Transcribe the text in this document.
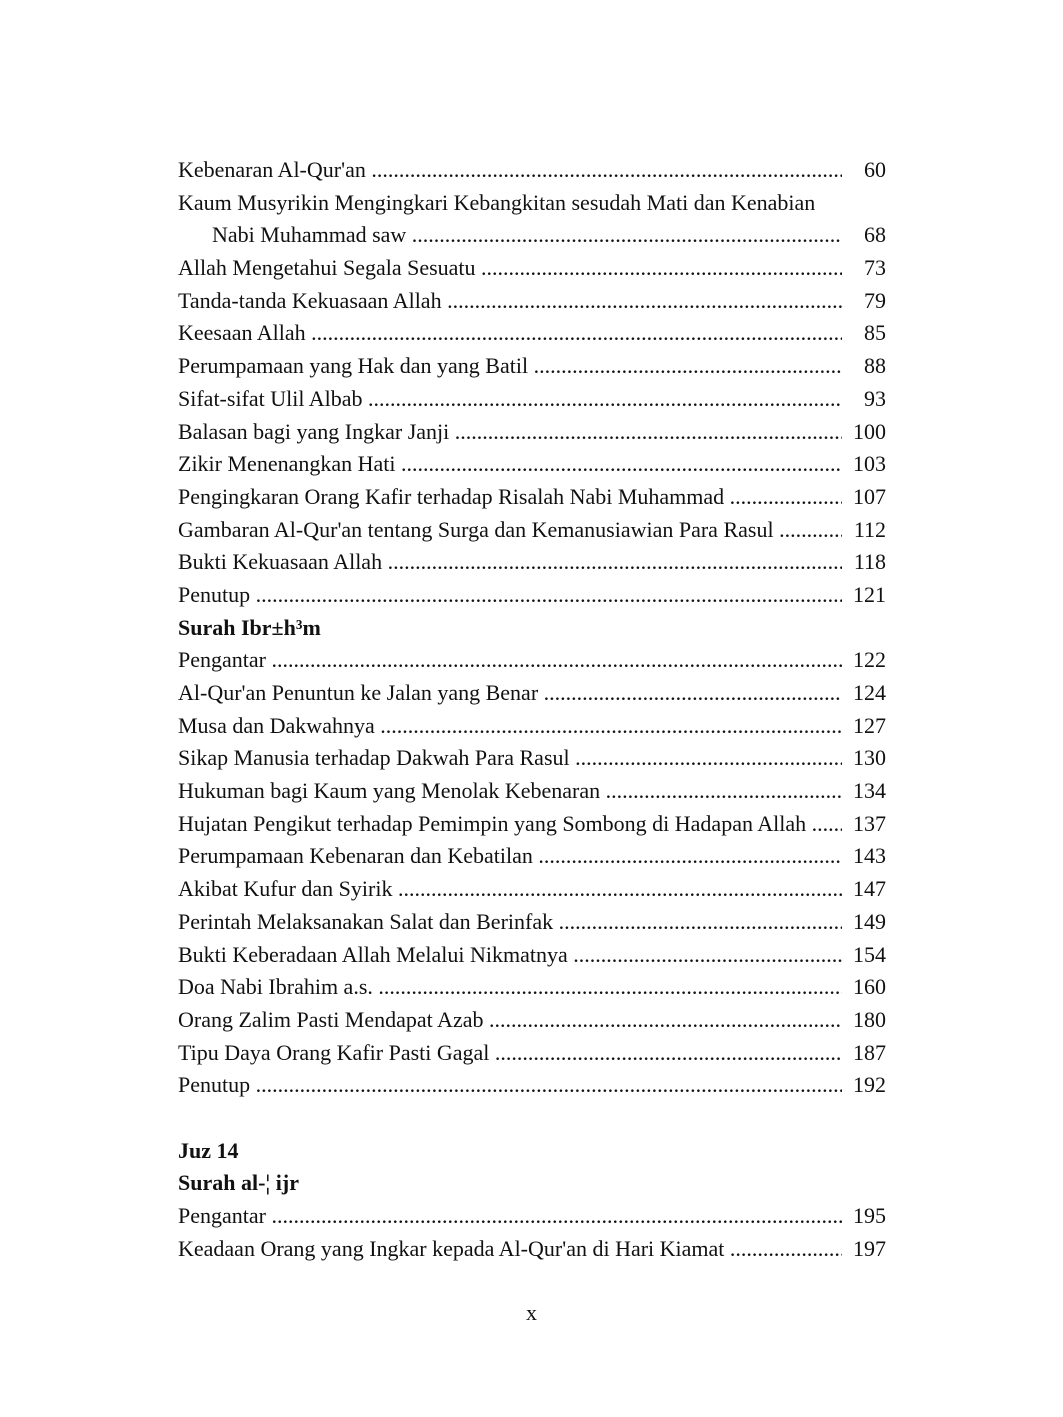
Kebenaran Al-Qur'an .....	60
Kaum Musyrikin Mengingkari Kebangkitan sesudah Mati dan Kenabian
Nabi Muhammad saw .....	68
Allah Mengetahui Segala Sesuatu .....	73
Tanda-tanda Kekuasaan Allah .....	79
Keesaan Allah .....	85
Perumpamaan yang Hak dan yang Batil .....	88
Sifat-sifat Ulil Albab .....	93
Balasan bagi yang Ingkar Janji .....	100
Zikir Menenangkan Hati .....	103
Pengingkaran Orang Kafir terhadap Risalah Nabi Muhammad .....	107
Gambaran Al-Qur'an tentang Surga dan Kemanusiawian Para Rasul .....	112
Bukti Kekuasaan Allah .....	118
Penutup .....	121
Surah Ibr±h³m
Pengantar .....	122
Al-Qur'an Penuntun ke Jalan yang Benar .....	124
Musa dan Dakwahnya .....	127
Sikap Manusia terhadap Dakwah Para Rasul .....	130
Hukuman bagi Kaum yang Menolak Kebenaran .....	134
Hujatan Pengikut terhadap Pemimpin yang Sombong di Hadapan Allah .....	137
Perumpamaan Kebenaran dan Kebatilan .....	143
Akibat Kufur dan Syirik .....	147
Perintah Melaksanakan Salat dan Berinfak .....	149
Bukti Keberadaan Allah Melalui Nikmatnya .....	154
Doa Nabi Ibrahim a.s. .....	160
Orang Zalim Pasti Mendapat Azab .....	180
Tipu Daya Orang Kafir Pasti Gagal .....	187
Penutup .....	192
Juz 14
Surah al-¦ ijr
Pengantar .....	195
Keadaan Orang yang Ingkar kepada Al-Qur'an di Hari Kiamat .....	197
x
